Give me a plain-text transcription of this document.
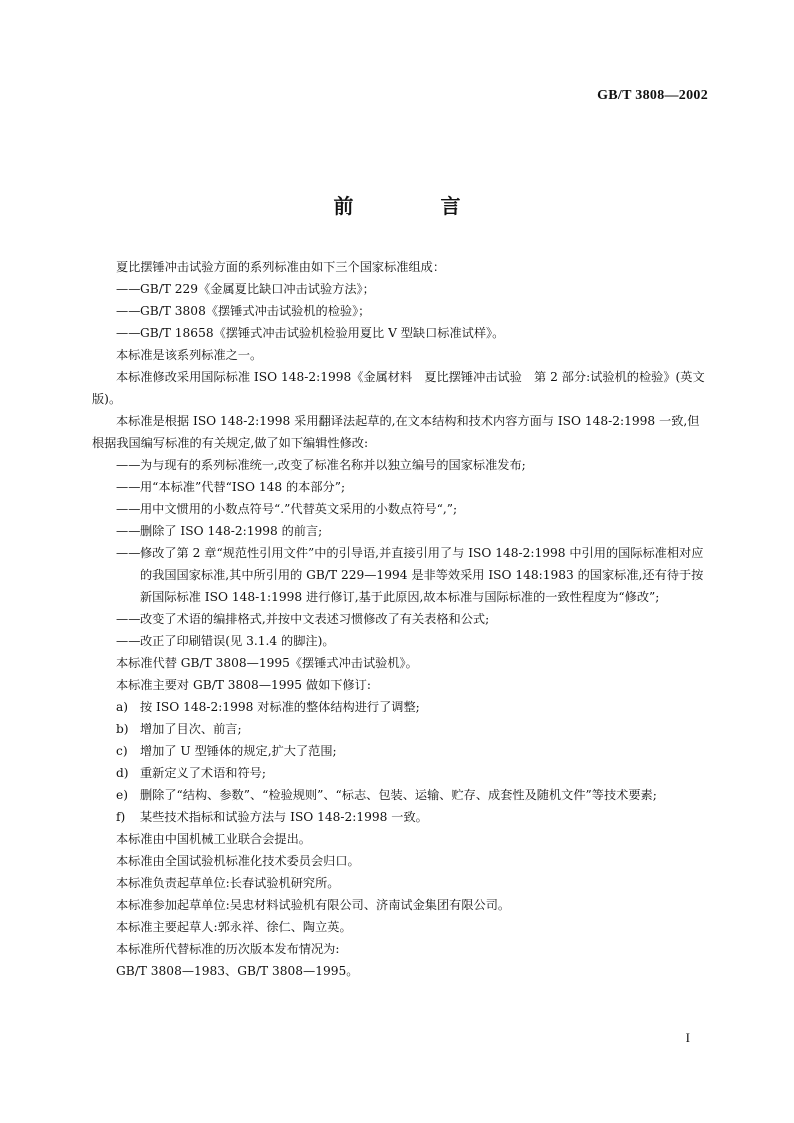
GB/T 3808—2002
前 言

夏比摆锤冲击试验方面的系列标准由如下三个国家标准组成：

——GB/T 229《金属夏比缺口冲击试验方法》；

——GB/T 3808《摆锤式冲击试验机的检验》；

——GB/T 18658《摆锤式冲击试验机检验用夏比 V 型缺口标准试样》。

本标准是该系列标准之一。

本标准修改采用国际标准 ISO 148-2:1998《金属材料　夏比摆锤冲击试验　第 2 部分:试验机的检验》(英文版)。

本标准是根据 ISO 148-2:1998 采用翻译法起草的,在文本结构和技术内容方面与 ISO 148-2:1998 一致,但根据我国编写标准的有关规定,做了如下编辑性修改:

——为与现有的系列标准统一,改变了标准名称并以独立编号的国家标准发布;

——用“本标准”代替“ISO 148 的本部分”;

——用中文惯用的小数点符号“.”代替英文采用的小数点符号“,”;

——删除了 ISO 148-2:1998 的前言;

——修改了第 2 章“规范性引用文件”中的引导语,并直接引用了与 ISO 148-2:1998 中引用的国际标准相对应的我国国家标准,其中所引用的 GB/T 229—1994 是非等效采用 ISO 148:1983 的国家标准,还有待于按新国际标准 ISO 148-1:1998 进行修订,基于此原因,故本标准与国际标准的一致性程度为“修改”;

——改变了术语的编排格式,并按中文表述习惯修改了有关表格和公式;

——改正了印刷错误(见 3.1.4 的脚注)。

本标准代替 GB/T 3808—1995《摆锤式冲击试验机》。

本标准主要对 GB/T 3808—1995 做如下修订:

a) 按 ISO 148-2:1998 对标准的整体结构进行了调整;

b) 增加了目次、前言;

c) 增加了 U 型锤体的规定,扩大了范围;

d) 重新定义了术语和符号;

e) 删除了“结构、参数”、“检验规则”、“标志、包装、运输、贮存、成套性及随机文件”等技术要素;

f) 某些技术指标和试验方法与 ISO 148-2:1998 一致。

本标准由中国机械工业联合会提出。

本标准由全国试验机标准化技术委员会归口。

本标准负责起草单位:长春试验机研究所。

本标准参加起草单位:吴忠材料试验机有限公司、济南试金集团有限公司。

本标准主要起草人:郭永祥、徐仁、陶立英。

本标准所代替标准的历次版本发布情况为:

GB/T 3808—1983、GB/T 3808—1995。

I
